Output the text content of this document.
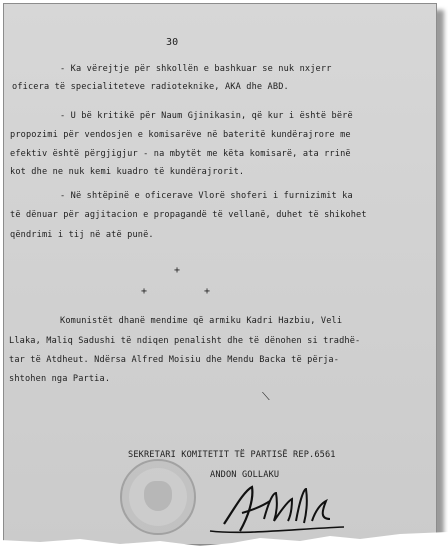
30
- Ka vërejtje për shkollën e bashkuar se nuk nxjerr
oficera të specialiteteve radioteknike, AKA dhe ABD.
- U bë kritikë për Naum Gjinikasin, që kur i është bërë
propozimi për vendosjen e komisarëve në bateritë kundërajrore me
efektiv është përgjigjur - na mbytët me këta komisarë, ata rrinë
kot dhe ne nuk kemi kuadro të kundërajrorit.
- Në shtëpinë e oficerave Vlorë shoferi i furnizimit ka
të dënuar për agjitacion e propagandë të vellanë, duhet të shikohet
qëndrimi i tij në atë punë.
+
+	+
Komunistët dhanë mendime që armiku Kadri Hazbiu, Veli
Llaka, Maliq Sadushi të ndiqen penalisht dhe të dënohen si tradhë-
tar të Atdheut. Ndërsa Alfred Moisiu dhe Mendu Backa të përja-
shtohen nga Partia.
⟍
SEKRETARI KOMITETIT TË PARTISË REP.6561
ANDON GOLLAKU
